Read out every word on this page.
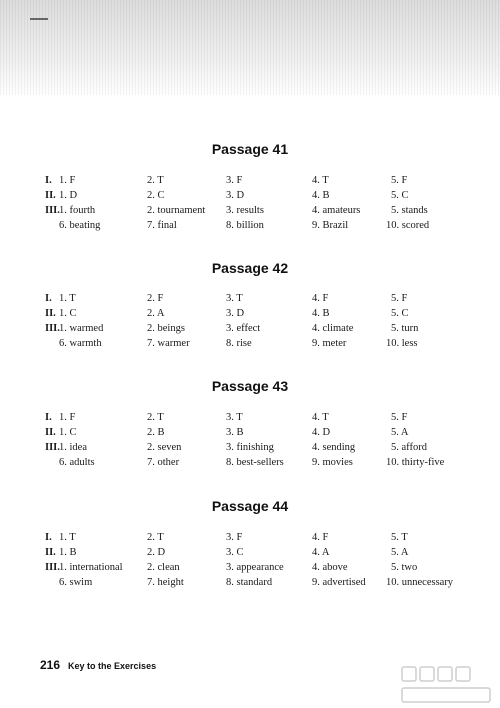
Passage 41
I. 1. F	2. T	3. F	4. T	5. F
II. 1. D	2. C	3. D	4. B	5. C
III.1. fourth	2. tournament 3. results	4. amateurs	5. stands
6. beating	7. final	8. billion	9. Brazil	10. scored
Passage 42
I. 1. T	2. F	3. T	4. F	5. F
II. 1. C	2. A	3. D	4. B	5. C
III.1. warmed	2. beings	3. effect	4. climate	5. turn
6. warmth	7. warmer	8. rise	9. meter	10. less
Passage 43
I. 1. F	2. T	3. T	4. T	5. F
II. 1. C	2. B	3. B	4. D	5. A
III.1. idea	2. seven	3. finishing	4. sending	5. afford
6. adults	7. other	8. best-sellers	9. movies	10. thirty-five
Passage 44
I. 1. T	2. T	3. F	4. F	5. T
II. 1. B	2. D	3. C	4. A	5. A
III.1. international 2. clean	3. appearance	4. above	5. two
6. swim	7. height	8. standard	9. advertised 10. unnecessary
216 Key to the Exercises
